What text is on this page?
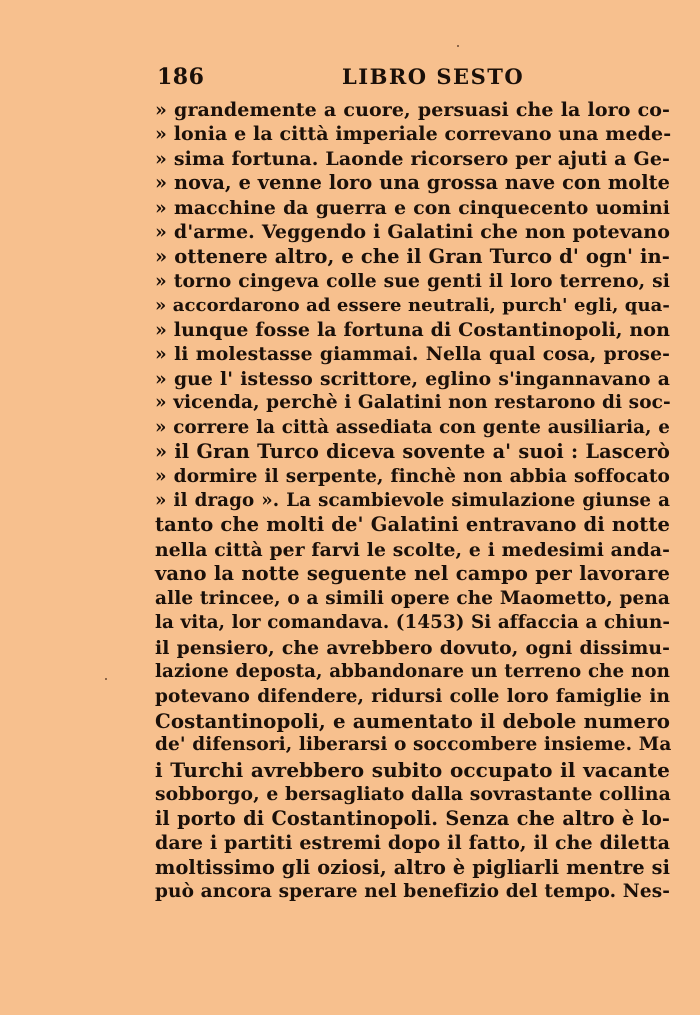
186	LIBRO SESTO
» grandemente a cuore, persuasi che la loro co-
» lonia e la città imperiale correvano una mede-
» sima fortuna. Laonde ricorsero per ajuti a Ge-
» nova, e venne loro una grossa nave con molte
» macchine da guerra e con cinquecento uomini
» d'arme. Veggendo i Galatini che non potevano
» ottenere altro, e che il Gran Turco d' ogn' in-
» torno cingeva colle sue genti il loro terreno, si
» accordarono ad essere neutrali, purch' egli, qua-
» lunque fosse la fortuna di Costantinopoli, non
» li molestasse giammai. Nella qual cosa, prose-
» gue l' istesso scrittore, eglino s'ingannavano a
» vicenda, perchè i Galatini non restarono di soc-
» correre la città assediata con gente ausiliaria, e
» il Gran Turco diceva sovente a' suoi : Lascerò
» dormire il serpente, finchè non abbia soffocato
» il drago ». La scambievole simulazione giunse a
tanto che molti de' Galatini entravano di notte
nella città per farvi le scolte, e i medesimi anda-
vano la notte seguente nel campo per lavorare
alle trincee, o a simili opere che Maometto, pena
la vita, lor comandava. (1453) Si affaccia a chiun-
il pensiero, che avrebbero dovuto, ogni dissimu-
lazione deposta, abbandonare un terreno che non
potevano difendere, ridursi colle loro famiglie in
Costantinopoli, e aumentato il debole numero
de' difensori, liberarsi o soccombere insieme. Ma
i Turchi avrebbero subito occupato il vacante
sobborgo, e bersagliato dalla sovrastante collina
il porto di Costantinopoli. Senza che altro è lo-
dare i partiti estremi dopo il fatto, il che diletta
moltissimo gli oziosi, altro è pigliarli mentre si
può ancora sperare nel benefizio del tempo. Nes-
